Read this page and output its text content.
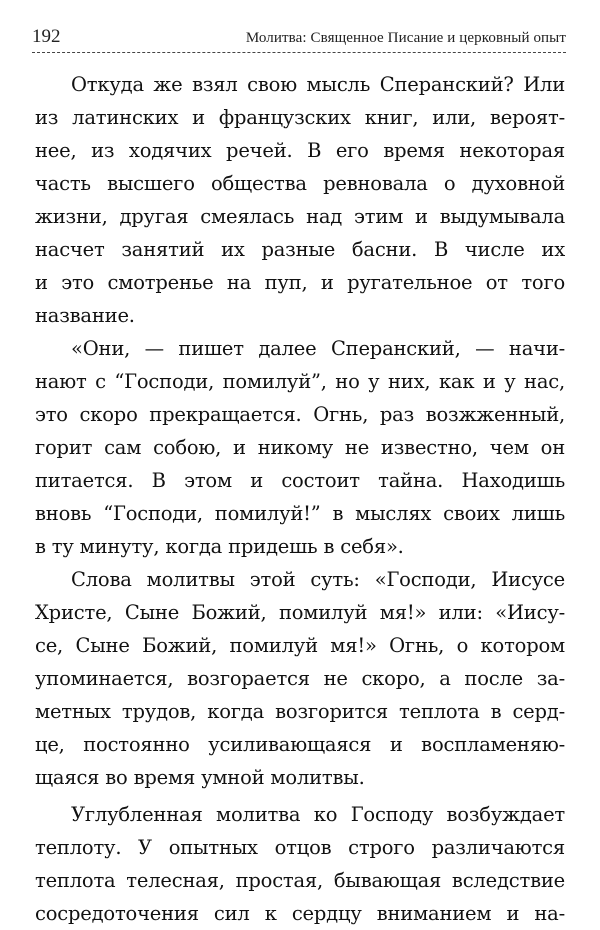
192	Молитва: Священное Писание и церковный опыт
Откуда же взял свою мысль Сперанский? Или
из латинских и французских книг, или, вероят-
нее, из ходячих речей. В его время некоторая
часть высшего общества ревновала о духовной
жизни, другая смеялась над этим и выдумывала
насчет занятий их разные басни. В числе их
и это смотренье на пуп, и ругательное от того
название.
«Они, — пишет далее Сперанский, — начи-
нают с “Господи, помилуй”, но у них, как и у нас,
это скоро прекращается. Огнь, раз возжженный,
горит сам собою, и никому не известно, чем он
питается. В этом и состоит тайна. Находишь
вновь “Господи, помилуй!” в мыслях своих лишь
в ту минуту, когда придешь в себя».
Слова молитвы этой суть: «Господи, Иисусе
Христе, Сыне Божий, помилуй мя!» или: «Иису-
се, Сыне Божий, помилуй мя!» Огнь, о котором
упоминается, возгорается не скоро, а после за-
метных трудов, когда возгорится теплота в серд-
це, постоянно усиливающаяся и воспламеняю-
щаяся во время умной молитвы.
Углубленная молитва ко Господу возбуждает
теплоту. У опытных отцов строго различаются
теплота телесная, простая, бывающая вследствие
сосредоточения сил к сердцу вниманием и на-
